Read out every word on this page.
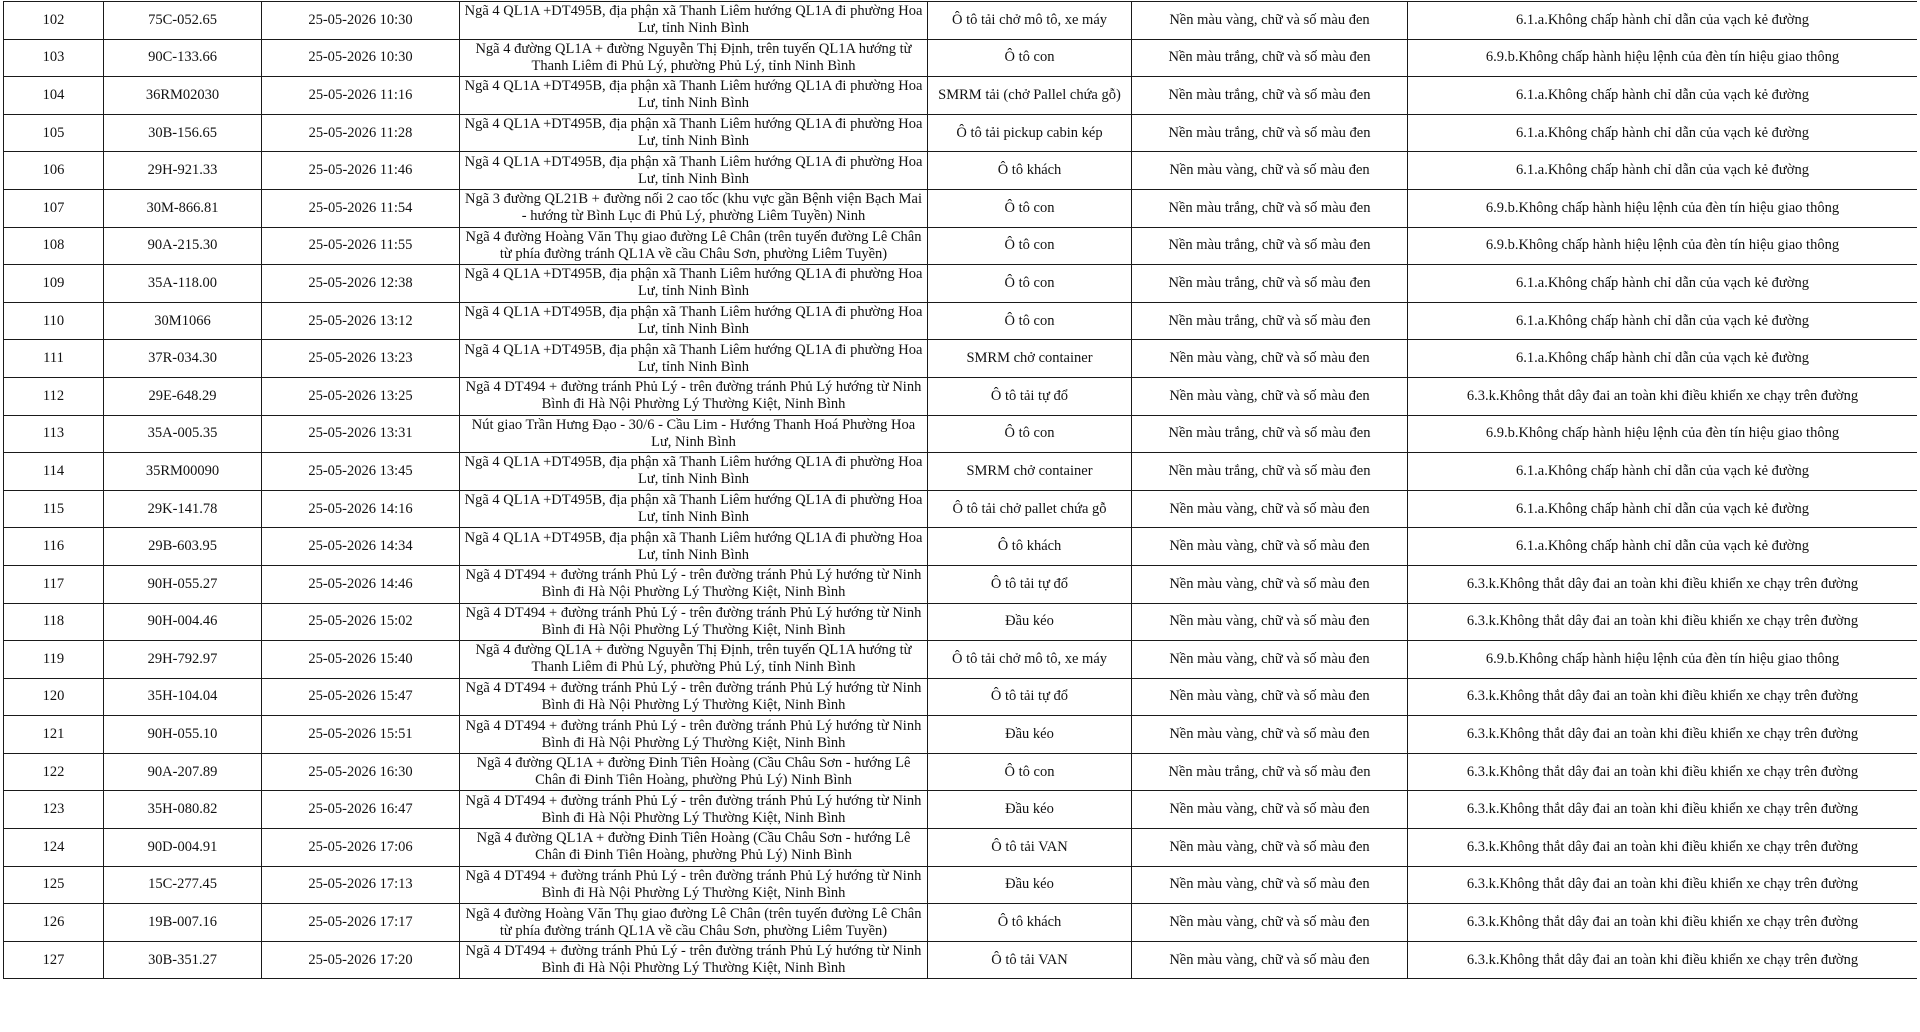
102	75C-052.65	25-05-2026 10:30	Ngã 4 QL1A +DT495B, địa phận xã Thanh Liêm hướng QL1A đi phường Hoa Lư, tỉnh Ninh Bình	Ô tô tải chở mô tô, xe máy	Nền màu vàng, chữ và số màu đen	6.1.a.Không chấp hành chỉ dẫn của vạch kẻ đường
103	90C-133.66	25-05-2026 10:30	Ngã 4 đường QL1A + đường Nguyễn Thị Định, trên tuyến QL1A hướng từ Thanh Liêm đi Phủ Lý, phường Phủ Lý, tỉnh Ninh Bình	Ô tô con	Nền màu trắng, chữ và số màu đen	6.9.b.Không chấp hành hiệu lệnh của đèn tín hiệu giao thông
104	36RM02030	25-05-2026 11:16	Ngã 4 QL1A +DT495B, địa phận xã Thanh Liêm hướng QL1A đi phường Hoa Lư, tỉnh Ninh Bình	SMRM tải (chở Pallel chứa gỗ)	Nền màu trắng, chữ và số màu đen	6.1.a.Không chấp hành chỉ dẫn của vạch kẻ đường
105	30B-156.65	25-05-2026 11:28	Ngã 4 QL1A +DT495B, địa phận xã Thanh Liêm hướng QL1A đi phường Hoa Lư, tỉnh Ninh Bình	Ô tô tải pickup cabin kép	Nền màu trắng, chữ và số màu đen	6.1.a.Không chấp hành chỉ dẫn của vạch kẻ đường
106	29H-921.33	25-05-2026 11:46	Ngã 4 QL1A +DT495B, địa phận xã Thanh Liêm hướng QL1A đi phường Hoa Lư, tỉnh Ninh Bình	Ô tô khách	Nền màu vàng, chữ và số màu đen	6.1.a.Không chấp hành chỉ dẫn của vạch kẻ đường
107	30M-866.81	25-05-2026 11:54	Ngã 3 đường QL21B + đường nối 2 cao tốc (khu vực gần Bệnh viện Bạch Mai - hướng từ Bình Lục đi Phủ Lý, phường Liêm Tuyền) Ninh	Ô tô con	Nền màu trắng, chữ và số màu đen	6.9.b.Không chấp hành hiệu lệnh của đèn tín hiệu giao thông
108	90A-215.30	25-05-2026 11:55	Ngã 4 đường Hoàng Văn Thụ giao đường Lê Chân (trên tuyến đường Lê Chân từ phía đường tránh QL1A về cầu Châu Sơn, phường Liêm Tuyền)	Ô tô con	Nền màu trắng, chữ và số màu đen	6.9.b.Không chấp hành hiệu lệnh của đèn tín hiệu giao thông
109	35A-118.00	25-05-2026 12:38	Ngã 4 QL1A +DT495B, địa phận xã Thanh Liêm hướng QL1A đi phường Hoa Lư, tỉnh Ninh Bình	Ô tô con	Nền màu trắng, chữ và số màu đen	6.1.a.Không chấp hành chỉ dẫn của vạch kẻ đường
110	30M1066	25-05-2026 13:12	Ngã 4 QL1A +DT495B, địa phận xã Thanh Liêm hướng QL1A đi phường Hoa Lư, tỉnh Ninh Bình	Ô tô con	Nền màu trắng, chữ và số màu đen	6.1.a.Không chấp hành chỉ dẫn của vạch kẻ đường
111	37R-034.30	25-05-2026 13:23	Ngã 4 QL1A +DT495B, địa phận xã Thanh Liêm hướng QL1A đi phường Hoa Lư, tỉnh Ninh Bình	SMRM chở container	Nền màu vàng, chữ và số màu đen	6.1.a.Không chấp hành chỉ dẫn của vạch kẻ đường
112	29E-648.29	25-05-2026 13:25	Ngã 4 DT494 + đường tránh Phủ Lý - trên đường tránh Phủ Lý hướng từ Ninh Bình đi Hà Nội Phường Lý Thường Kiệt, Ninh Bình	Ô tô tải tự đổ	Nền màu vàng, chữ và số màu đen	6.3.k.Không thắt dây đai an toàn khi điều khiển xe chạy trên đường
113	35A-005.35	25-05-2026 13:31	Nút giao Trần Hưng Đạo - 30/6 - Cầu Lim - Hướng Thanh Hoá Phường Hoa Lư, Ninh Bình	Ô tô con	Nền màu trắng, chữ và số màu đen	6.9.b.Không chấp hành hiệu lệnh của đèn tín hiệu giao thông
114	35RM00090	25-05-2026 13:45	Ngã 4 QL1A +DT495B, địa phận xã Thanh Liêm hướng QL1A đi phường Hoa Lư, tỉnh Ninh Bình	SMRM chở container	Nền màu trắng, chữ và số màu đen	6.1.a.Không chấp hành chỉ dẫn của vạch kẻ đường
115	29K-141.78	25-05-2026 14:16	Ngã 4 QL1A +DT495B, địa phận xã Thanh Liêm hướng QL1A đi phường Hoa Lư, tỉnh Ninh Bình	Ô tô tải chở pallet chứa gỗ	Nền màu vàng, chữ và số màu đen	6.1.a.Không chấp hành chỉ dẫn của vạch kẻ đường
116	29B-603.95	25-05-2026 14:34	Ngã 4 QL1A +DT495B, địa phận xã Thanh Liêm hướng QL1A đi phường Hoa Lư, tỉnh Ninh Bình	Ô tô khách	Nền màu vàng, chữ và số màu đen	6.1.a.Không chấp hành chỉ dẫn của vạch kẻ đường
117	90H-055.27	25-05-2026 14:46	Ngã 4 DT494 + đường tránh Phủ Lý - trên đường tránh Phủ Lý hướng từ Ninh Bình đi Hà Nội Phường Lý Thường Kiệt, Ninh Bình	Ô tô tải tự đổ	Nền màu vàng, chữ và số màu đen	6.3.k.Không thắt dây đai an toàn khi điều khiển xe chạy trên đường
118	90H-004.46	25-05-2026 15:02	Ngã 4 DT494 + đường tránh Phủ Lý - trên đường tránh Phủ Lý hướng từ Ninh Bình đi Hà Nội Phường Lý Thường Kiệt, Ninh Bình	Đầu kéo	Nền màu vàng, chữ và số màu đen	6.3.k.Không thắt dây đai an toàn khi điều khiển xe chạy trên đường
119	29H-792.97	25-05-2026 15:40	Ngã 4 đường QL1A + đường Nguyễn Thị Định, trên tuyến QL1A hướng từ Thanh Liêm đi Phủ Lý, phường Phủ Lý, tỉnh Ninh Bình	Ô tô tải chở mô tô, xe máy	Nền màu vàng, chữ và số màu đen	6.9.b.Không chấp hành hiệu lệnh của đèn tín hiệu giao thông
120	35H-104.04	25-05-2026 15:47	Ngã 4 DT494 + đường tránh Phủ Lý - trên đường tránh Phủ Lý hướng từ Ninh Bình đi Hà Nội Phường Lý Thường Kiệt, Ninh Bình	Ô tô tải tự đổ	Nền màu vàng, chữ và số màu đen	6.3.k.Không thắt dây đai an toàn khi điều khiển xe chạy trên đường
121	90H-055.10	25-05-2026 15:51	Ngã 4 DT494 + đường tránh Phủ Lý - trên đường tránh Phủ Lý hướng từ Ninh Bình đi Hà Nội Phường Lý Thường Kiệt, Ninh Bình	Đầu kéo	Nền màu vàng, chữ và số màu đen	6.3.k.Không thắt dây đai an toàn khi điều khiển xe chạy trên đường
122	90A-207.89	25-05-2026 16:30	Ngã 4 đường QL1A + đường Đinh Tiên Hoàng (Cầu Châu Sơn - hướng Lê Chân đi Đinh Tiên Hoàng, phường Phủ Lý) Ninh Bình	Ô tô con	Nền màu trắng, chữ và số màu đen	6.3.k.Không thắt dây đai an toàn khi điều khiển xe chạy trên đường
123	35H-080.82	25-05-2026 16:47	Ngã 4 DT494 + đường tránh Phủ Lý - trên đường tránh Phủ Lý hướng từ Ninh Bình đi Hà Nội Phường Lý Thường Kiệt, Ninh Bình	Đầu kéo	Nền màu vàng, chữ và số màu đen	6.3.k.Không thắt dây đai an toàn khi điều khiển xe chạy trên đường
124	90D-004.91	25-05-2026 17:06	Ngã 4 đường QL1A + đường Đinh Tiên Hoàng (Cầu Châu Sơn - hướng Lê Chân đi Đinh Tiên Hoàng, phường Phủ Lý) Ninh Bình	Ô tô tải VAN	Nền màu vàng, chữ và số màu đen	6.3.k.Không thắt dây đai an toàn khi điều khiển xe chạy trên đường
125	15C-277.45	25-05-2026 17:13	Ngã 4 DT494 + đường tránh Phủ Lý - trên đường tránh Phủ Lý hướng từ Ninh Bình đi Hà Nội Phường Lý Thường Kiệt, Ninh Bình	Đầu kéo	Nền màu vàng, chữ và số màu đen	6.3.k.Không thắt dây đai an toàn khi điều khiển xe chạy trên đường
126	19B-007.16	25-05-2026 17:17	Ngã 4 đường Hoàng Văn Thụ giao đường Lê Chân (trên tuyến đường Lê Chân từ phía đường tránh QL1A về cầu Châu Sơn, phường Liêm Tuyền)	Ô tô khách	Nền màu vàng, chữ và số màu đen	6.3.k.Không thắt dây đai an toàn khi điều khiển xe chạy trên đường
127	30B-351.27	25-05-2026 17:20	Ngã 4 DT494 + đường tránh Phủ Lý - trên đường tránh Phủ Lý hướng từ Ninh Bình đi Hà Nội Phường Lý Thường Kiệt, Ninh Bình	Ô tô tải VAN	Nền màu vàng, chữ và số màu đen	6.3.k.Không thắt dây đai an toàn khi điều khiển xe chạy trên đường
